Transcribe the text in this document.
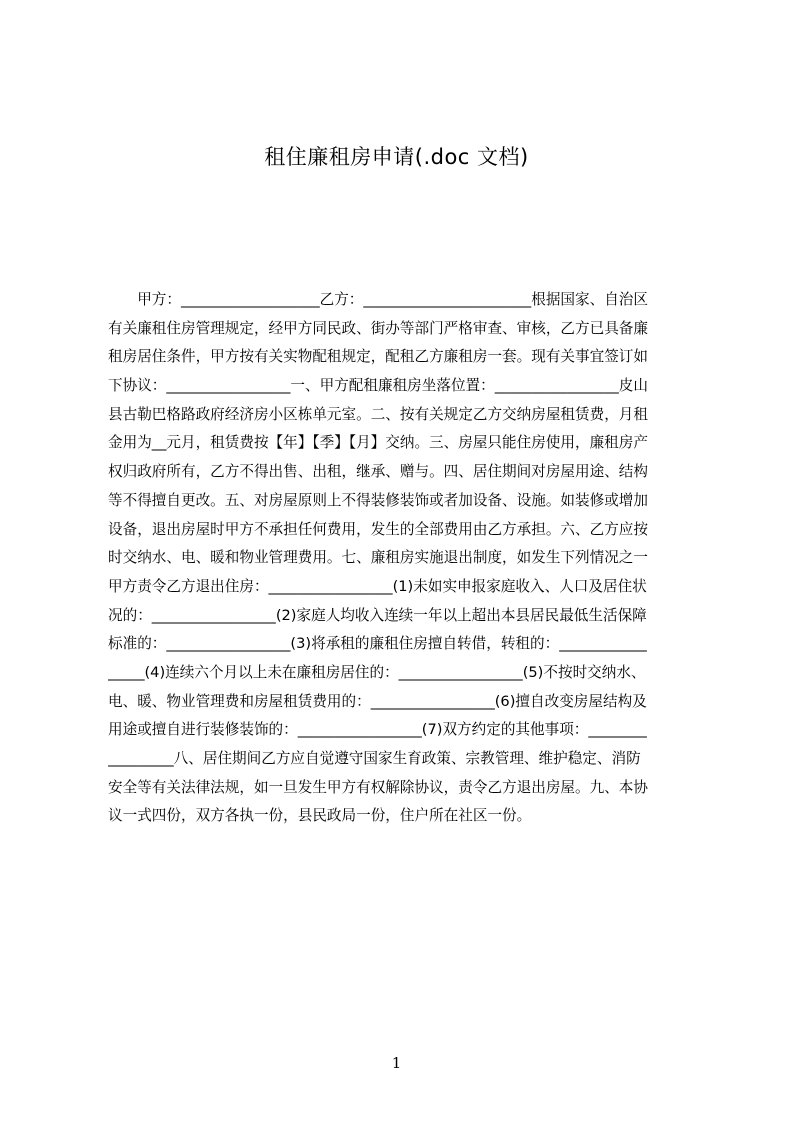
租住廉租房申请(.doc 文档)
　　甲方：___________________乙方：_______________________根据国家、自治区
有关廉租住房管理规定，经甲方同民政、街办等部门严格审查、审核，乙方已具备廉
租房居住条件，甲方按有关实物配租规定，配租乙方廉租房一套。现有关事宜签订如
下协议：_________________一、甲方配租廉租房坐落位置：_________________皮山
县古勒巴格路政府经济房小区栋单元室。二、按有关规定乙方交纳房屋租赁费，月租
金用为__元月，租赁费按【年】【季】【月】交纳。三、房屋只能住房使用，廉租房产
权归政府所有，乙方不得出售、出租，继承、赠与。四、居住期间对房屋用途、结构
等不得擅自更改。五、对房屋原则上不得装修装饰或者加设备、设施。如装修或增加
设备，退出房屋时甲方不承担任何费用，发生的全部费用由乙方承担。六、乙方应按
时交纳水、电、暖和物业管理费用。七、廉租房实施退出制度，如发生下列情况之一
甲方责令乙方退出住房：_________________(1)未如实申报家庭收入、人口及居住状
况的：_________________(2)家庭人均收入连续一年以上超出本县居民最低生活保障
标准的：_________________(3)将承租的廉租住房擅自转借，转租的：____________
_____(4)连续六个月以上未在廉租房居住的：_________________(5)不按时交纳水、
电、暖、物业管理费和房屋租赁费用的：_________________(6)擅自改变房屋结构及
用途或擅自进行装修装饰的：_________________(7)双方约定的其他事项：________
_________八、居住期间乙方应自觉遵守国家生育政策、宗教管理、维护稳定、消防
安全等有关法律法规，如一旦发生甲方有权解除协议，责令乙方退出房屋。九、本协
议一式四份，双方各执一份，县民政局一份，住户所在社区一份。
1
